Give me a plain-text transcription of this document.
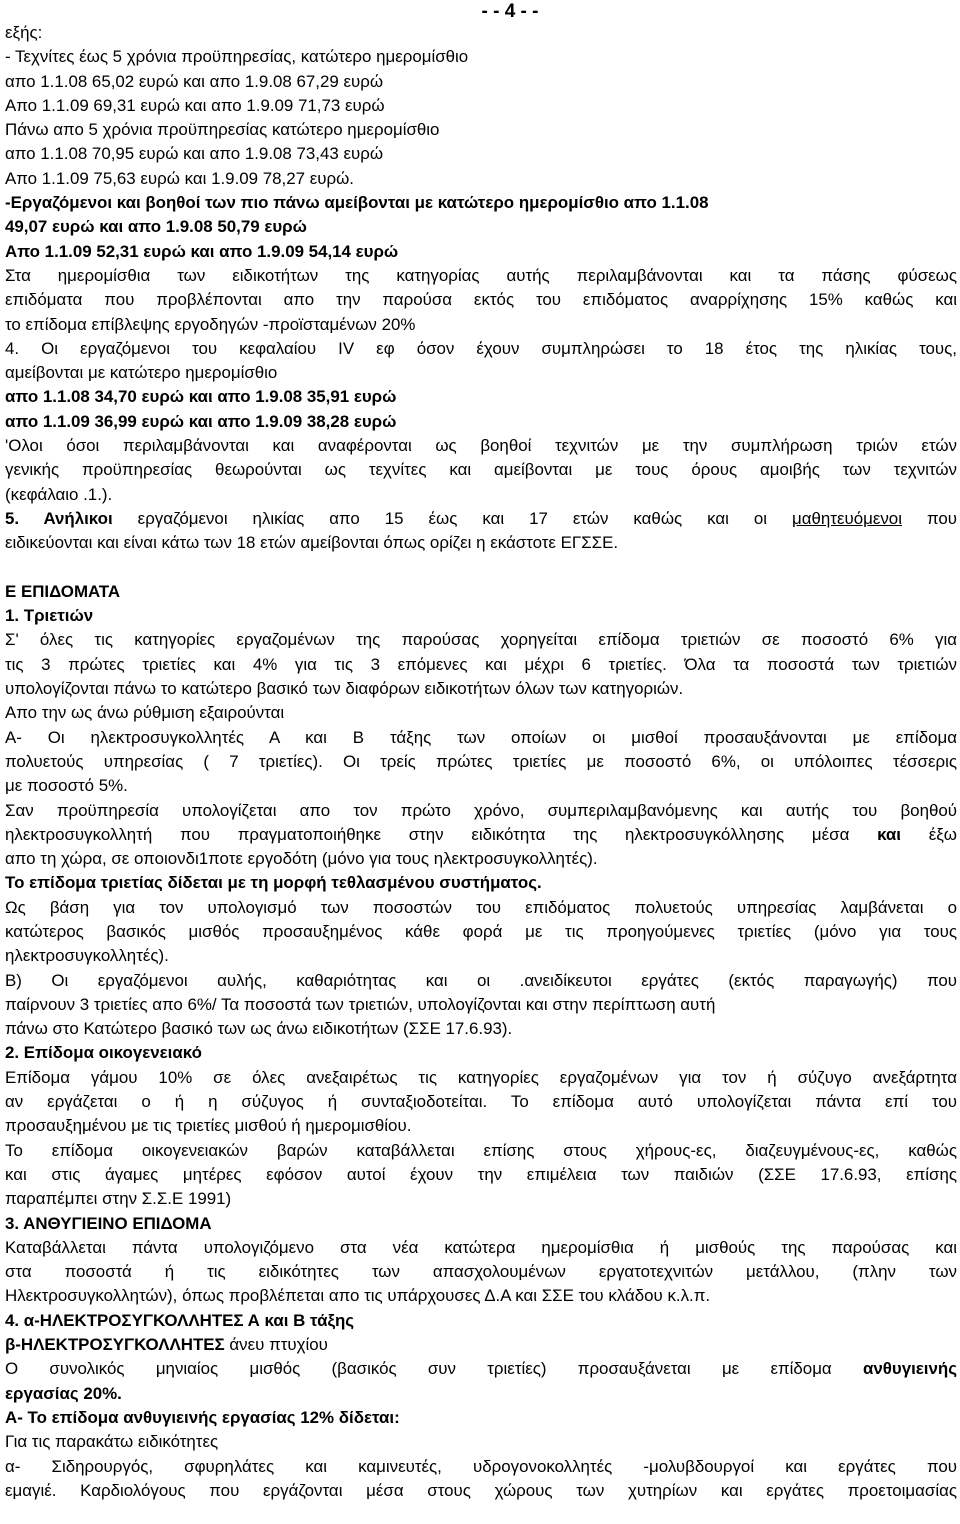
- - 4 - -
εξής:
- Τεχνίτες έως 5 χρόνια προϋπηρεσίας, κατώτερο ημερομίσθιο
απο 1.1.08 65,02 ευρώ και απο 1.9.08 67,29 ευρώ
Απο 1.1.09 69,31 ευρώ και απο 1.9.09 71,73 ευρώ
Πάνω απο 5 χρόνια προϋπηρεσίας κατώτερο ημερομίσθιο
απο 1.1.08 70,95 ευρώ και απο 1.9.08 73,43 ευρώ
Απο 1.1.09 75,63 ευρώ και 1.9.09 78,27 ευρώ.
-Εργαζόμενοι και βοηθοί των πιο πάνω αμείβονται με κατώτερο ημερομίσθιο απο 1.1.08
49,07 ευρώ και απο 1.9.08 50,79 ευρώ
Απο 1.1.09 52,31 ευρώ και απο 1.9.09 54,14 ευρώ
Στα ημερομίσθια των ειδικοτήτων της κατηγορίας αυτής περιλαμβάνονται και τα πάσης φύσεως
επιδόματα που προβλέπονται απο την παρούσα εκτός του επιδόματος αναρρίχησης 15% καθώς και
το επίδομα επίβλεψης εργοδηγών -προϊσταμένων 20%
4. Οι εργαζόμενοι του κεφαλαίου IV εφ όσον έχουν συμπληρώσει το 18 έτος της ηλικίας τους,
αμείβονται με κατώτερο ημερομίσθιο
απο 1.1.08 34,70 ευρώ και απο 1.9.08 35,91 ευρώ
απο 1.1.09 36,99 ευρώ και απο 1.9.09 38,28 ευρώ
'Ολοι όσοι περιλαμβάνονται και αναφέρονται ως βοηθοί τεχνιτών με την συμπλήρωση τριών ετών
γενικής προϋπηρεσίας θεωρούνται ως τεχνίτες και αμείβονται με τους όρους αμοιβής των τεχνιτών
(κεφάλαιο .1.).
5. Ανήλικοι εργαζόμενοι ηλικίας απο 15 έως και 17 ετών καθώς και οι μαθητευόμενοι που
ειδικεύονται και είναι κάτω των 18 ετών αμείβονται όπως ορίζει η εκάστοτε ΕΓΣΣΕ.
Ε ΕΠΙΔΟΜΑΤΑ
1. Τριετιών
Σ' όλες τις κατηγορίες εργαζομένων της παρούσας χορηγείται επίδομα τριετιών σε ποσοστό 6% για
τις 3 πρώτες τριετίες και 4% για τις 3 επόμενες και μέχρι 6 τριετίες. Όλα τα ποσοστά των τριετιών
υπολογίζονται πάνω το κατώτερο βασικό των διαφόρων ειδικοτήτων όλων των κατηγοριών.
Απο την ως άνω ρύθμιση εξαιρούνται
Α- Οι ηλεκτροσυγκολλητές Α και Β τάξης των οποίων οι μισθοί προσαυξάνονται με επίδομα
πολυετούς υπηρεσίας ( 7 τριετίες). Οι τρείς πρώτες τριετίες με ποσοστό 6%, οι υπόλοιπες τέσσερις
με ποσοστό 5%.
Σαν προϋπηρεσία υπολογίζεται απο τον πρώτο χρόνο, συμπεριλαμβανόμενης και αυτής του βοηθού
ηλεκτροσυγκολλητή που πραγματοποιήθηκε στην ειδικότητα της ηλεκτροσυγκόλλησης μέσα και έξω
απο τη χώρα, σε οποιονδι1ποτε εργοδότη (μόνο για τους ηλεκτροσυγκολλητές).
Το επίδομα τριετίας δίδεται με τη μορφή τεθλασμένου συστήματος.
Ως βάση για τον υπολογισμό των ποσοστών του επιδόματος πολυετούς υπηρεσίας λαμβάνεται ο
κατώτερος βασικός μισθός προσαυξημένος κάθε φορά με τις προηγούμενες τριετίες (μόνο για τους
ηλεκτροσυγκολλητές).
Β) Οι εργαζόμενοι αυλής, καθαριότητας και οι .ανειδίκευτοι εργάτες (εκτός παραγωγής) που
παίρνουν 3 τριετίες απο 6%/ Τα ποσοστά των τριετιών, υπολογίζονται και στην περίπτωση αυτή
πάνω στο Κατώτερο βασικό των ως άνω ειδικοτήτων (ΣΣΕ 17.6.93).
2. Επίδομα οικογενειακό
Επίδομα γάμου 10% σε όλες ανεξαιρέτως τις κατηγορίες εργαζομένων για τον ή σύζυγο ανεξάρτητα
αν εργάζεται ο ή η σύζυγος ή συνταξιοδοτείται. Το επίδομα αυτό υπολογίζεται πάντα επί του
προσαυξημένου με τις τριετίες μισθού ή ημερομισθίου.
Το επίδομα οικογενειακών βαρών καταβάλλεται επίσης στους χήρους-ες, διαζευγμένους-ες, καθώς
και στις άγαμες μητέρες εφόσον αυτοί έχουν την επιμέλεια των παιδιών (ΣΣΕ 17.6.93, επίσης
παραπέμπει στην Σ.Σ.Ε 1991)
3. ΑΝΘΥΓΙΕΙΝΟ ΕΠΙΔΟΜΑ
Καταβάλλεται πάντα υπολογιζόμενο στα νέα κατώτερα ημερομίσθια ή μισθούς της παρούσας και
στα ποσοστά ή τις ειδικότητες των απασχολουμένων εργατοτεχνιτών μετάλλου, (πλην των
Ηλεκτροσυγκολλητών), όπως προβλέπεται απο τις υπάρχουσες Δ.Α και ΣΣΕ του κλάδου κ.λ.π.
4. α-ΗΛΕΚΤΡΟΣΥΓΚΟΛΛΗΤΕΣ Α και Β τάξης
β-ΗΛΕΚΤΡΟΣΥΓΚΟΛΛΗΤΕΣ άνευ πτυχίου
Ο συνολικός μηνιαίος μισθός (βασικός συν τριετίες) προσαυξάνεται με επίδομα ανθυγιεινής
εργασίας 20%.
Α- Το επίδομα ανθυγιεινής εργασίας 12% δίδεται:
Για τις παρακάτω ειδικότητες
α- Σιδηρουργός, σφυρηλάτες και καμινευτές, υδρογονοκολλητές -μολυβδουργοί και εργάτες που
εμαγιέ. Καρδιολόγους που εργάζονται μέσα στους χώρους των χυτηρίων και εργάτες προετοιμασίας
